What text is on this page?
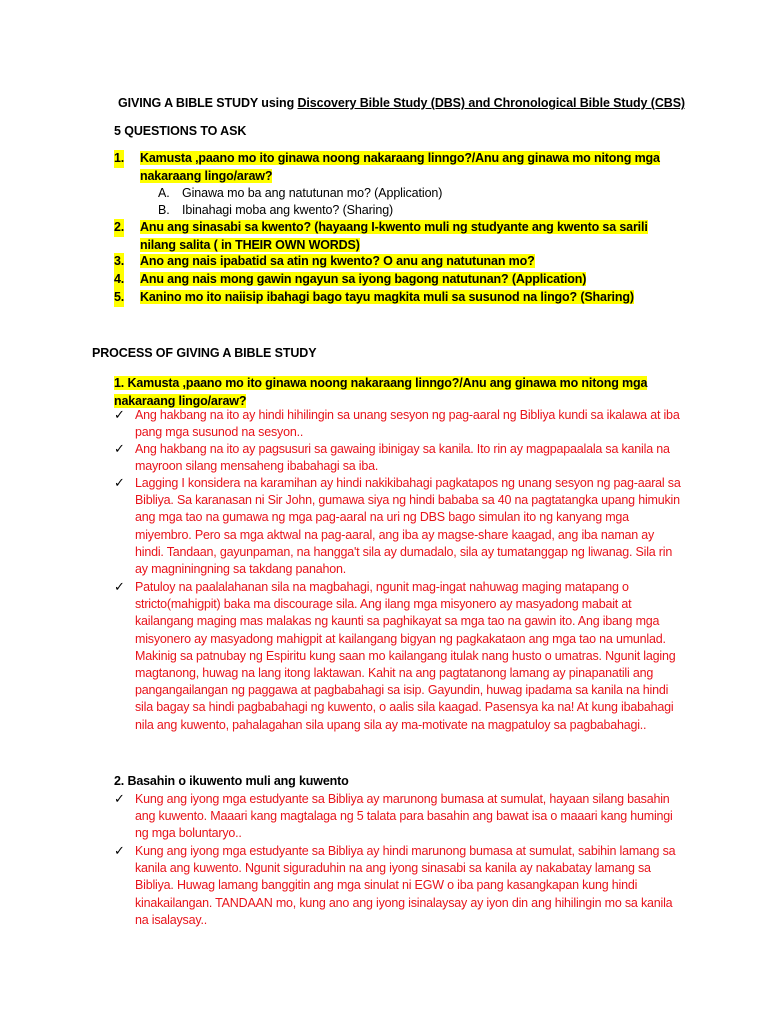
GIVING A BIBLE STUDY using Discovery Bible Study (DBS) and Chronological Bible Study (CBS)
5 QUESTIONS TO ASK
1. Kamusta ,paano mo ito ginawa noong nakaraang linngo?/Anu ang ginawa mo nitong mga nakaraang lingo/araw?
A. Ginawa mo ba ang natutunan mo? (Application)
B. Ibinahagi moba ang kwento? (Sharing)
2. Anu ang sinasabi sa kwento? (hayaang I-kwento muli ng studyante ang kwento sa sarili nilang salita ( in THEIR OWN WORDS)
3. Ano ang nais ipabatid sa atin ng kwento? O anu ang natutunan mo?
4. Anu ang nais mong gawin ngayun sa iyong bagong natutunan? (Application)
5. Kanino mo ito naiisip ibahagi bago tayu magkita muli sa susunod na lingo? (Sharing)
PROCESS OF GIVING A BIBLE STUDY
1. Kamusta ,paano mo ito ginawa noong nakaraang linngo?/Anu ang ginawa mo nitong mga nakaraang lingo/araw?
✓ Ang hakbang na ito ay hindi hihilingin sa unang sesyon ng pag-aaral ng Bibliya kundi sa ikalawa at iba pang mga susunod na sesyon..
✓ Ang hakbang na ito ay pagsusuri sa gawaing ibinigay sa kanila. Ito rin ay magpapaalala sa kanila na mayroon silang mensaheng ibabahagi sa iba.
✓ Lagging I konsidera na karamihan ay hindi nakikibahagi pagkatapos ng unang sesyon ng pag-aaral sa Bibliya. Sa karanasan ni Sir John, gumawa siya ng hindi bababa sa 40 na pagtatangka upang himukin ang mga tao na gumawa ng mga pag-aaral na uri ng DBS bago simulan ito ng kanyang mga miyembro. Pero sa mga aktwal na pag-aaral, ang iba ay magse-share kaagad, ang iba naman ay hindi. Tandaan, gayunpaman, na hangga't sila ay dumadalo, sila ay tumatanggap ng liwanag. Sila rin ay magniningning sa takdang panahon.
✓ Patuloy na paalalahanan sila na magbahagi, ngunit mag-ingat nahuwag maging matapang o stricto(mahigpit) baka ma discourage sila. Ang ilang mga misyonero ay masyadong mabait at kailangang maging mas malakas ng kaunti sa paghikayat sa mga tao na gawin ito. Ang ibang mga misyonero ay masyadong mahigpit at kailangang bigyan ng pagkakataon ang mga tao na umunlad. Makinig sa patnubay ng Espiritu kung saan mo kailangang itulak nang husto o umatras. Ngunit laging magtanong, huwag na lang itong laktawan. Kahit na ang pagtatanong lamang ay pinapanatili ang pangangailangan ng paggawa at pagbabahagi sa isip. Gayundin, huwag ipadama sa kanila na hindi sila bagay sa hindi pagbabahagi ng kuwento, o aalis sila kaagad. Pasensya ka na! At kung ibabahagi nila ang kuwento, pahalagahan sila upang sila ay ma-motivate na magpatuloy sa pagbabahagi..
2. Basahin o ikuwento muli ang kuwento
✓ Kung ang iyong mga estudyante sa Bibliya ay marunong bumasa at sumulat, hayaan silang basahin ang kuwento. Maaari kang magtalaga ng 5 talata para basahin ang bawat isa o maaari kang humingi ng mga boluntaryo..
✓ Kung ang iyong mga estudyante sa Bibliya ay hindi marunong bumasa at sumulat, sabihin lamang sa kanila ang kuwento. Ngunit siguraduhin na ang iyong sinasabi sa kanila ay nakabatay lamang sa Bibliya. Huwag lamang banggitin ang mga sinulat ni EGW o iba pang kasangkapan kung hindi kinakailangan. TANDAAN mo, kung ano ang iyong isinalaysay ay iyon din ang hihilingin mo sa kanila na isalaysay..
